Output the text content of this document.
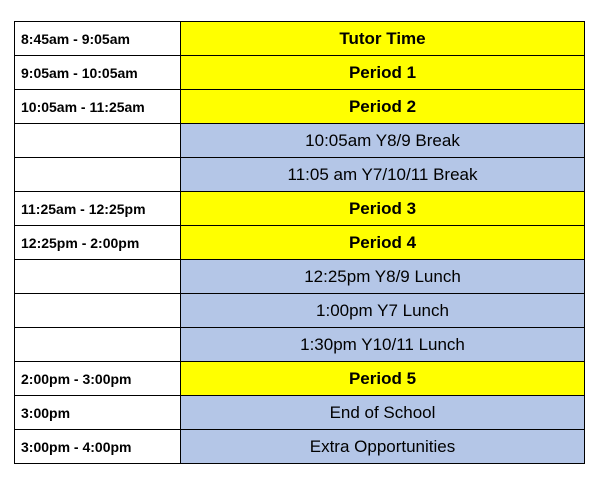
8:45am - 9:05am	Tutor Time
9:05am - 10:05am	Period 1
10:05am - 11:25am	Period 2
	10:05am Y8/9 Break
	11:05 am Y7/10/11 Break
11:25am - 12:25pm	Period 3
12:25pm - 2:00pm	Period 4
	12:25pm Y8/9 Lunch
	1:00pm Y7 Lunch
	1:30pm Y10/11 Lunch
2:00pm - 3:00pm	Period 5
3:00pm	End of School
3:00pm - 4:00pm	Extra Opportunities
